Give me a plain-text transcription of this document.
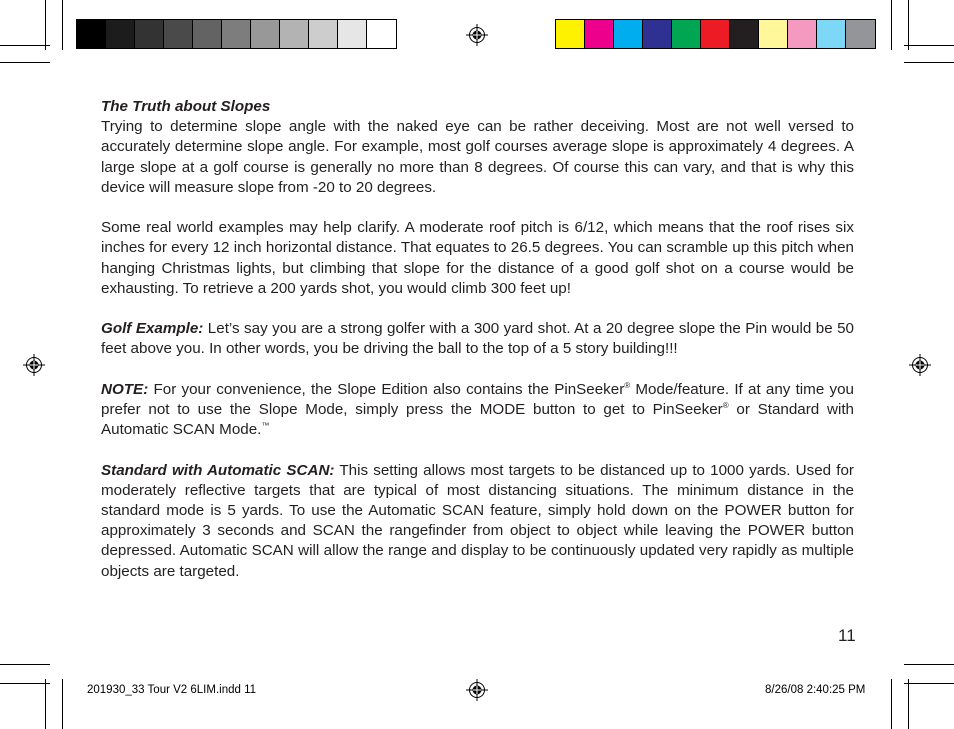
The Truth about Slopes
Trying to determine slope angle with the naked eye can be rather deceiving. Most are not well versed to accurately determine slope angle. For example, most golf courses average slope is approximately 4 degrees. A large slope at a golf course is generally no more than 8 degrees. Of course this can vary, and that is why this device will measure slope from -20 to 20 degrees.

Some real world examples may help clarify. A moderate roof pitch is 6/12, which means that the roof rises six inches for every 12 inch horizontal distance. That equates to 26.5 degrees. You can scramble up this pitch when hanging Christmas lights, but climbing that slope for the distance of a good golf shot on a course would be exhausting. To retrieve a 200 yards shot, you would climb 300 feet up!

Golf Example: Let’s say you are a strong golfer with a 300 yard shot. At a 20 degree slope the Pin would be 50 feet above you. In other words, you be driving the ball to the top of a 5 story building!!!

NOTE: For your convenience, the Slope Edition also contains the PinSeeker® Mode/feature. If at any time you prefer not to use the Slope Mode, simply press the MODE button to get to PinSeeker® or Standard with Automatic SCAN Mode.™

Standard with Automatic SCAN: This setting allows most targets to be distanced up to 1000 yards. Used for moderately reflective targets that are typical of most distancing situations. The minimum distance in the standard mode is 5 yards. To use the Automatic SCAN feature, simply hold down on the POWER button for approximately 3 seconds and SCAN the rangefinder from object to object while leaving the POWER button depressed. Automatic SCAN will allow the range and display to be continuously updated very rapidly as multiple objects are targeted.

11
201930_33 Tour V2 6LIM.indd 11	8/26/08 2:40:25 PM
